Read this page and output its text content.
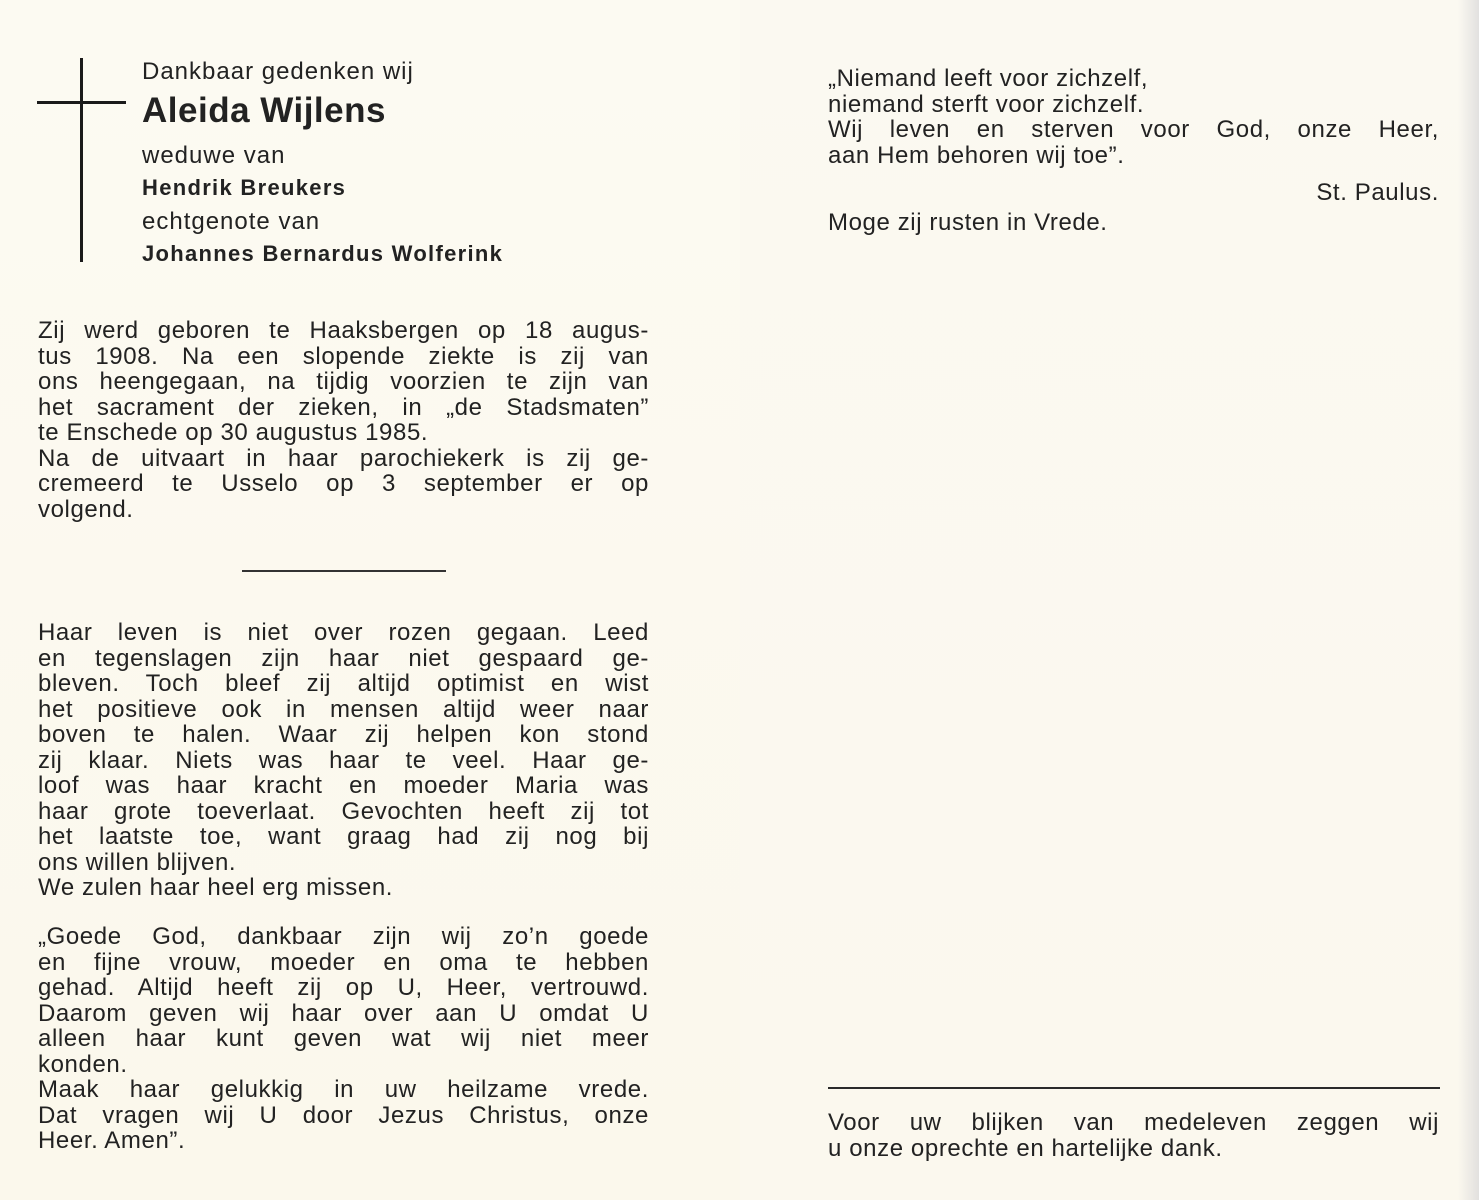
Dankbaar gedenken wij
Aleida Wijlens
weduwe van
Hendrik Breukers
echtgenote van
Johannes Bernardus Wolferink
Zij werd geboren te Haaksbergen op 18 augus-
tus 1908. Na een slopende ziekte is zij van
ons heengegaan, na tijdig voorzien te zijn van
het sacrament der zieken, in „de Stadsmaten”
te Enschede op 30 augustus 1985.
Na de uitvaart in haar parochiekerk is zij ge-
cremeerd te Usselo op 3 september er op
volgend.
Haar leven is niet over rozen gegaan. Leed
en tegenslagen zijn haar niet gespaard ge-
bleven. Toch bleef zij altijd optimist en wist
het positieve ook in mensen altijd weer naar
boven te halen. Waar zij helpen kon stond
zij klaar. Niets was haar te veel. Haar ge-
loof was haar kracht en moeder Maria was
haar grote toeverlaat. Gevochten heeft zij tot
het laatste toe, want graag had zij nog bij
ons willen blijven.
We zulen haar heel erg missen.
„Goede God, dankbaar zijn wij zo’n goede
en fijne vrouw, moeder en oma te hebben
gehad. Altijd heeft zij op U, Heer, vertrouwd.
Daarom geven wij haar over aan U omdat U
alleen haar kunt geven wat wij niet meer
konden.
Maak haar gelukkig in uw heilzame vrede.
Dat vragen wij U door Jezus Christus, onze
Heer. Amen”.
„Niemand leeft voor zichzelf,
niemand sterft voor zichzelf.
Wij leven en sterven voor God, onze Heer,
aan Hem behoren wij toe”.
St. Paulus.
Moge zij rusten in Vrede.
Voor uw blijken van medeleven zeggen wij
u onze oprechte en hartelijke dank.
